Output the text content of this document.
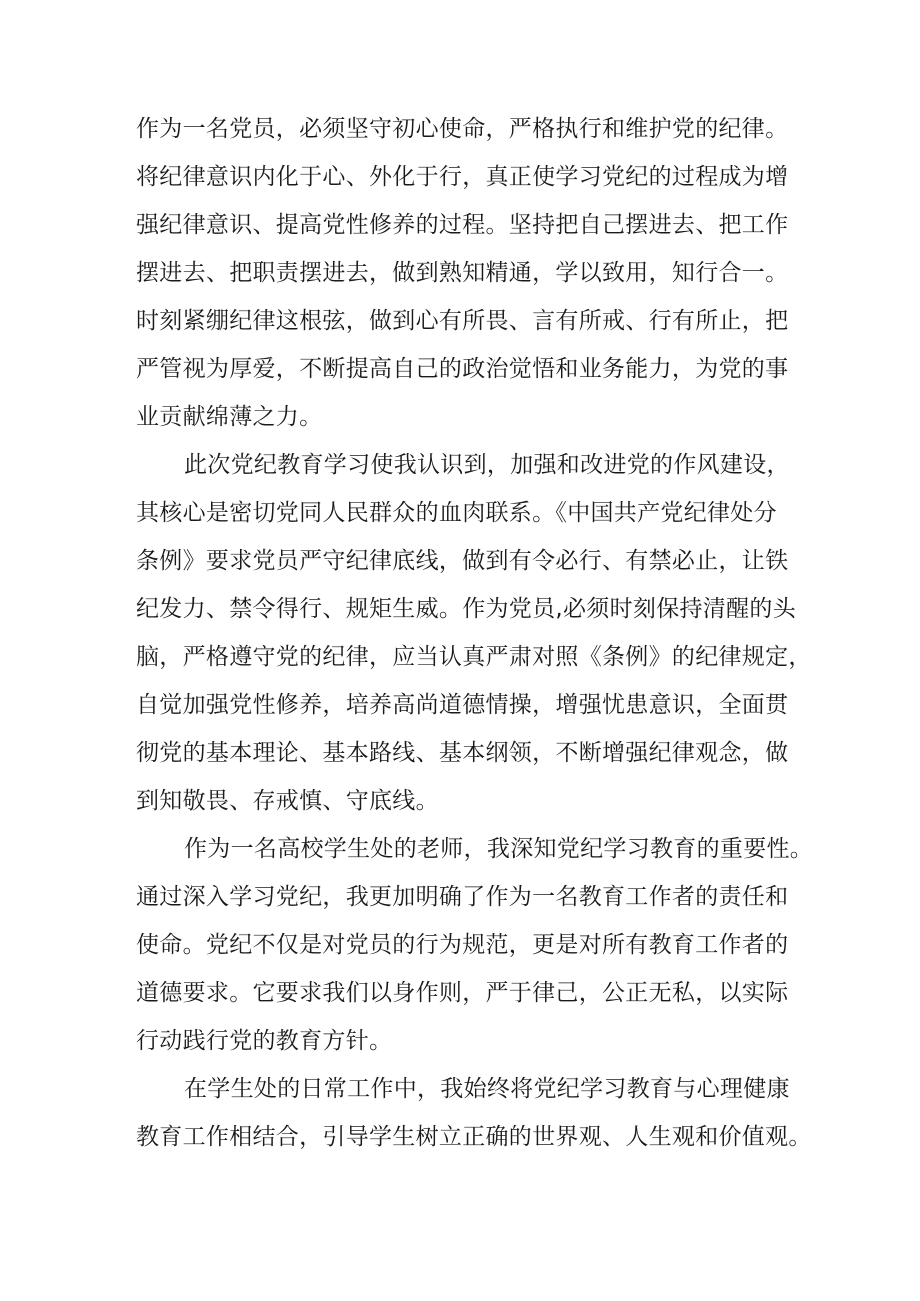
作为一名党员，必须坚守初心使命，严格执行和维护党的纪律。
将纪律意识内化于心、外化于行，真正使学习党纪的过程成为增
强纪律意识、提高党性修养的过程。坚持把自己摆进去、把工作
摆进去、把职责摆进去，做到熟知精通，学以致用，知行合一。
时刻紧绷纪律这根弦，做到心有所畏、言有所戒、行有所止，把
严管视为厚爱，不断提高自己的政治觉悟和业务能力，为党的事
业贡献绵薄之力。
此次党纪教育学习使我认识到，加强和改进党的作风建设，
其核心是密切党同人民群众的血肉联系。《中国共产党纪律处分
条例》要求党员严守纪律底线，做到有令必行、有禁必止，让铁
纪发力、禁令得行、规矩生威。作为党员,必须时刻保持清醒的头
脑，严格遵守党的纪律，应当认真严肃对照《条例》的纪律规定，
自觉加强党性修养，培养高尚道德情操，增强忧患意识，全面贯
彻党的基本理论、基本路线、基本纲领，不断增强纪律观念，做
到知敬畏、存戒慎、守底线。
作为一名高校学生处的老师，我深知党纪学习教育的重要性。
通过深入学习党纪，我更加明确了作为一名教育工作者的责任和
使命。党纪不仅是对党员的行为规范，更是对所有教育工作者的
道德要求。它要求我们以身作则，严于律己，公正无私，以实际
行动践行党的教育方针。
在学生处的日常工作中，我始终将党纪学习教育与心理健康
教育工作相结合，引导学生树立正确的世界观、人生观和价值观。
